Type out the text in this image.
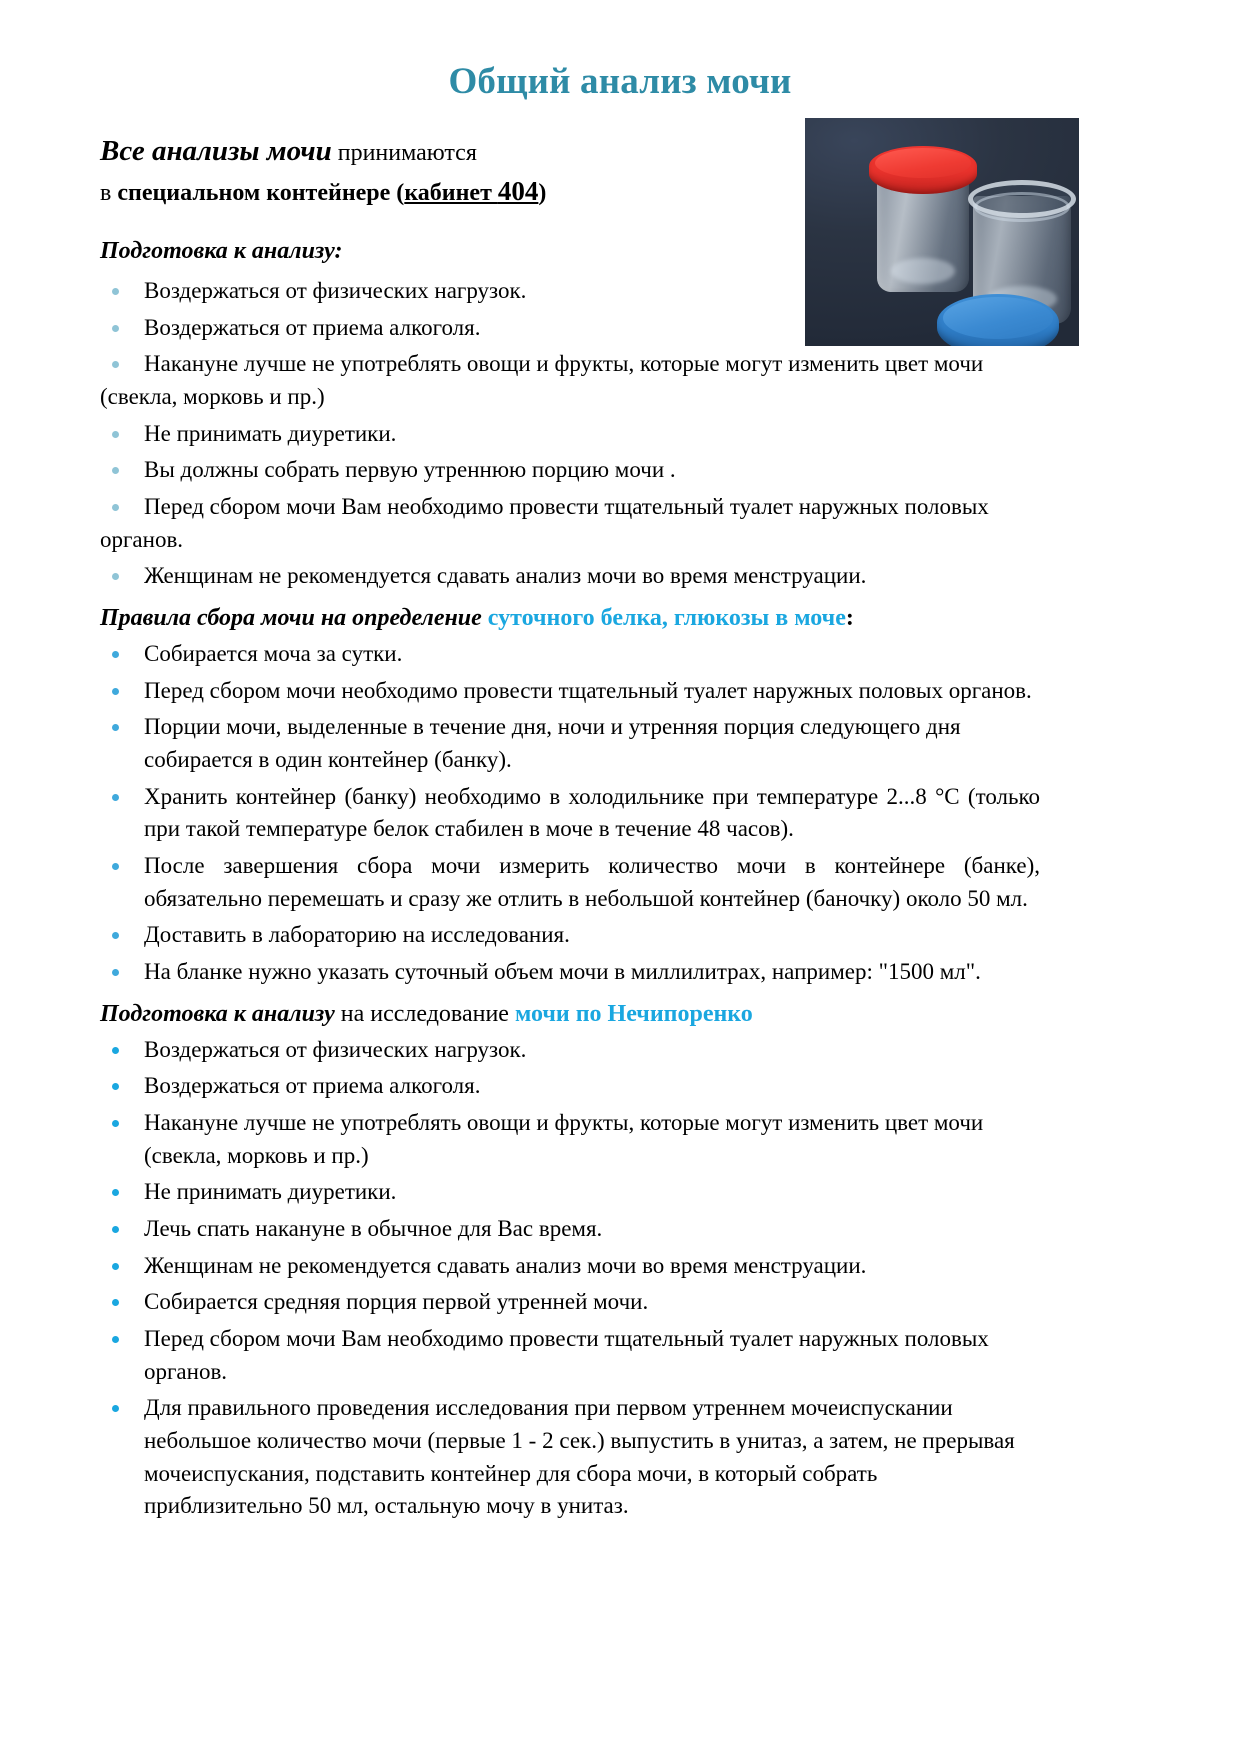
Общий анализ мочи

Все анализы мочи принимаются
в специальном контейнере (кабинет 404)

Подготовка к анализу:

Воздержаться от физических нагрузок.
Воздержаться от приема алкоголя.
Накануне лучше не употреблять овощи и фрукты, которые могут изменить цвет мочи (свекла, морковь и пр.)
Не принимать диуретики.
Вы должны собрать первую утреннюю порцию мочи .
Перед сбором мочи Вам необходимо провести тщательный туалет наружных половых органов.
Женщинам не рекомендуется сдавать анализ мочи во время менструации.

Правила сбора мочи на определение суточного белка, глюкозы в моче:

Собирается моча за сутки.
Перед сбором мочи необходимо провести тщательный туалет наружных половых органов.
Порции мочи, выделенные в течение дня, ночи и утренняя порция следующего дня собирается в один контейнер (банку).
Хранить контейнер (банку) необходимо в холодильнике при температуре 2...8 °С (только при такой температуре белок стабилен в моче в течение 48 часов).
После завершения сбора мочи измерить количество мочи в контейнере (банке), обязательно перемешать и сразу же отлить в небольшой контейнер (баночку) около 50 мл.
Доставить в лабораторию на исследования.
На бланке нужно указать суточный объем мочи в миллилитрах, например: "1500 мл".

Подготовка к анализу на исследование мочи по Нечипоренко

Воздержаться от физических нагрузок.
Воздержаться от приема алкоголя.
Накануне лучше не употреблять овощи и фрукты, которые могут изменить цвет мочи (свекла, морковь и пр.)
Не принимать диуретики.
Лечь спать накануне в обычное для Вас время.
Женщинам не рекомендуется сдавать анализ мочи во время менструации.
Собирается средняя порция первой утренней мочи.
Перед сбором мочи Вам необходимо провести тщательный туалет наружных половых органов.
Для правильного проведения исследования при первом утреннем мочеиспускании небольшое количество мочи (первые 1 - 2 сек.) выпустить в унитаз, а затем, не прерывая мочеиспускания, подставить контейнер для сбора мочи, в который собрать приблизительно 50 мл, остальную мочу в унитаз.
